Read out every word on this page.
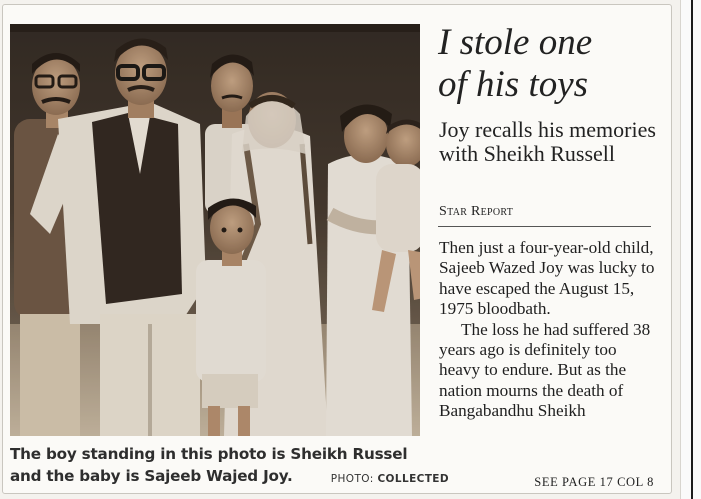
The boy standing in this photo is Sheikh Russel and the baby is Sajeeb Wajed Joy.	PHOTO: COLLECTED
I stole one
of his toys
Joy recalls his memories with Sheikh Russell
Star Report

Then just a four-year-old child, Sajeeb Wazed Joy was lucky to have escaped the August 15, 1975 bloodbath.

The loss he had suffered 38 years ago is definitely too heavy to endure. But as the nation mourns the death of Bangabandhu Sheikh

SEE PAGE 17 COL 8
